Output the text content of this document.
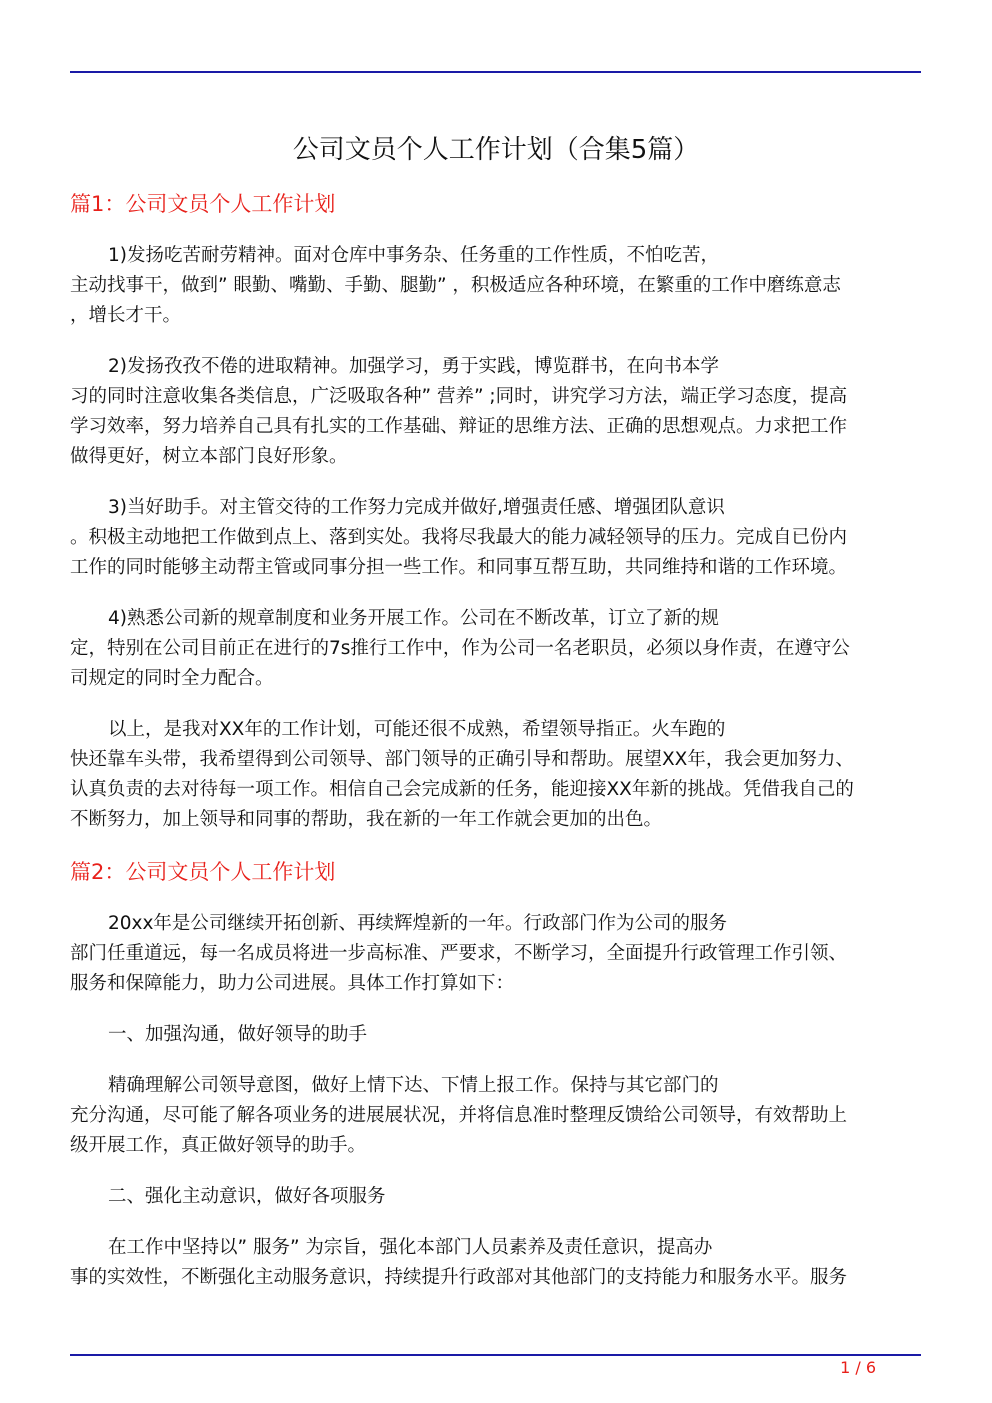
公司文员个人工作计划（合集5篇）
篇1：公司文员个人工作计划
1)发扬吃苦耐劳精神。面对仓库中事务杂、任务重的工作性质，不怕吃苦，
主动找事干，做到” 眼勤、嘴勤、手勤、腿勤” ，积极适应各种环境，在繁重的工作中磨练意志
，增长才干。
2)发扬孜孜不倦的进取精神。加强学习，勇于实践，博览群书，在向书本学
习的同时注意收集各类信息，广泛吸取各种” 营养” ;同时，讲究学习方法，端正学习态度，提高
学习效率，努力培养自己具有扎实的工作基础、辩证的思维方法、正确的思想观点。力求把工作
做得更好，树立本部门良好形象。
3)当好助手。对主管交待的工作努力完成并做好,增强责任感、增强团队意识
。积极主动地把工作做到点上、落到实处。我将尽我最大的能力减轻领导的压力。完成自已份内
工作的同时能够主动帮主管或同事分担一些工作。和同事互帮互助，共同维持和谐的工作环境。
4)熟悉公司新的规章制度和业务开展工作。公司在不断改革，订立了新的规
定，特别在公司目前正在进行的7s推行工作中，作为公司一名老职员，必须以身作责，在遵守公
司规定的同时全力配合。
以上，是我对XX年的工作计划，可能还很不成熟，希望领导指正。火车跑的
快还靠车头带，我希望得到公司领导、部门领导的正确引导和帮助。展望XX年，我会更加努力、
认真负责的去对待每一项工作。相信自己会完成新的任务，能迎接XX年新的挑战。凭借我自己的
不断努力，加上领导和同事的帮助，我在新的一年工作就会更加的出色。
篇2：公司文员个人工作计划
20xx年是公司继续开拓创新、再续辉煌新的一年。行政部门作为公司的服务
部门任重道远，每一名成员将进一步高标准、严要求，不断学习，全面提升行政管理工作引领、
服务和保障能力，助力公司进展。具体工作打算如下：
一、加强沟通，做好领导的助手
精确理解公司领导意图，做好上情下达、下情上报工作。保持与其它部门的
充分沟通，尽可能了解各项业务的进展展状况，并将信息准时整理反馈给公司领导，有效帮助上
级开展工作，真正做好领导的助手。
二、强化主动意识，做好各项服务
在工作中坚持以” 服务” 为宗旨，强化本部门人员素养及责任意识，提高办
事的实效性，不断强化主动服务意识，持续提升行政部对其他部门的支持能力和服务水平。服务
1 / 6
